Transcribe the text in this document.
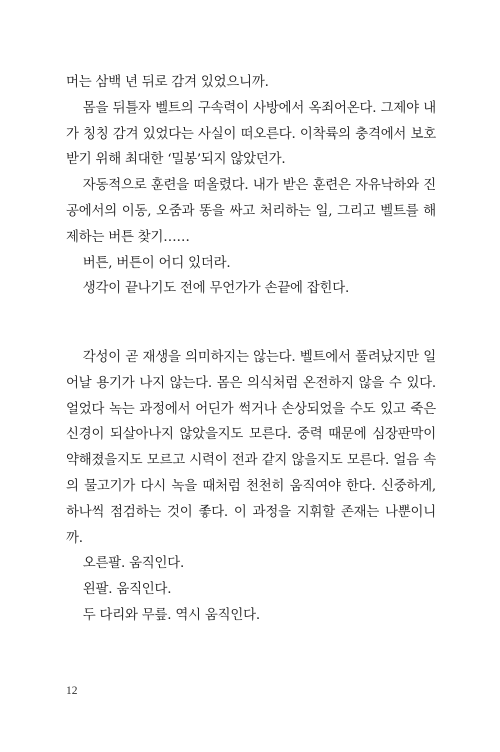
머는 삼백 년 뒤로 감겨 있었으니까.

몸을 뒤틀자 벨트의 구속력이 사방에서 옥죄어온다. 그제야 내가 칭칭 감겨 있었다는 사실이 떠오른다. 이착륙의 충격에서 보호받기 위해 최대한 ‘밀봉’되지 않았던가.

자동적으로 훈련을 떠올렸다. 내가 받은 훈련은 자유낙하와 진공에서의 이동, 오줌과 똥을 싸고 처리하는 일, 그리고 벨트를 해제하는 버튼 찾기……

버튼, 버튼이 어디 있더라.

생각이 끝나기도 전에 무언가가 손끝에 잡힌다.

각성이 곧 재생을 의미하지는 않는다. 벨트에서 풀려났지만 일어날 용기가 나지 않는다. 몸은 의식처럼 온전하지 않을 수 있다. 얼었다 녹는 과정에서 어딘가 썩거나 손상되었을 수도 있고 죽은 신경이 되살아나지 않았을지도 모른다. 중력 때문에 심장판막이 약해졌을지도 모르고 시력이 전과 같지 않을지도 모른다. 얼음 속의 물고기가 다시 녹을 때처럼 천천히 움직여야 한다. 신중하게, 하나씩 점검하는 것이 좋다. 이 과정을 지휘할 존재는 나뿐이니까.

오른팔. 움직인다.

왼팔. 움직인다.

두 다리와 무릎. 역시 움직인다.

12
